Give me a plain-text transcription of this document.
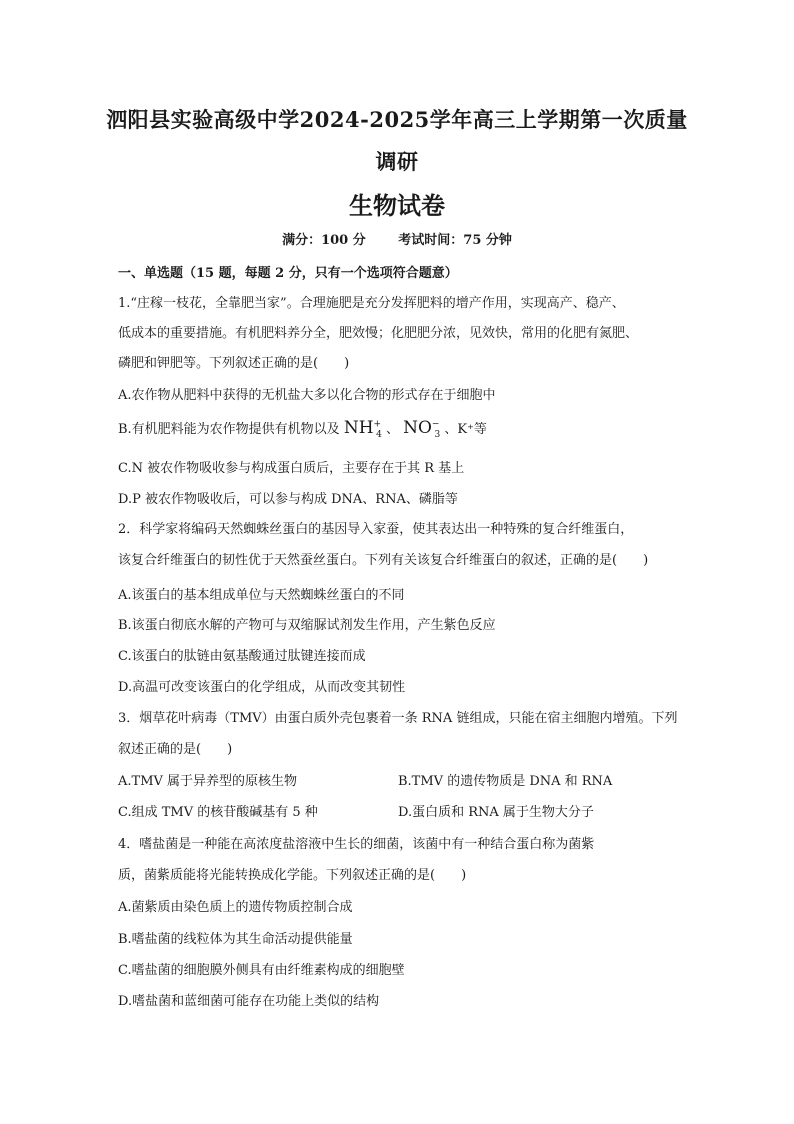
泗阳县实验高级中学2024-2025学年高三上学期第一次质量
调研
生物试卷
满分：100 分	考试时间：75 分钟
一、单选题（15 题，每题 2 分，只有一个选项符合题意）
1.“庄稼一枝花，全靠肥当家”。合理施肥是充分发挥肥料的增产作用，实现高产、稳产、
低成本的重要措施。有机肥料养分全，肥效慢；化肥肥分浓，见效快，常用的化肥有氮肥、
磷肥和钾肥等。下列叙述正确的是(　　)
A.农作物从肥料中获得的无机盐大多以化合物的形式存在于细胞中
B.有机肥料能为农作物提供有机物以及 $NH^+_4$ 、 $NO^-_3$ 、K⁺等
C.N 被农作物吸收参与构成蛋白质后，主要存在于其 R 基上
D.P 被农作物吸收后，可以参与构成 DNA、RNA、磷脂等
2．科学家将编码天然蜘蛛丝蛋白的基因导入家蚕，使其表达出一种特殊的复合纤维蛋白，
该复合纤维蛋白的韧性优于天然蚕丝蛋白。下列有关该复合纤维蛋白的叙述，正确的是(　　)
A.该蛋白的基本组成单位与天然蜘蛛丝蛋白的不同
B.该蛋白彻底水解的产物可与双缩脲试剂发生作用，产生紫色反应
C.该蛋白的肽链由氨基酸通过肽键连接而成
D.高温可改变该蛋白的化学组成，从而改变其韧性
3．烟草花叶病毒（TMV）由蛋白质外壳包裹着一条 RNA 链组成，只能在宿主细胞内增殖。下列
叙述正确的是(　　)
A.TMV 属于异养型的原核生物	B.TMV 的遗传物质是 DNA 和 RNA
C.组成 TMV 的核苷酸碱基有 5 种	D.蛋白质和 RNA 属于生物大分子
4．嗜盐菌是一种能在高浓度盐溶液中生长的细菌，该菌中有一种结合蛋白称为菌紫
质，菌紫质能将光能转换成化学能。下列叙述正确的是(　　)
A.菌紫质由染色质上的遗传物质控制合成
B.嗜盐菌的线粒体为其生命活动提供能量
C.嗜盐菌的细胞膜外侧具有由纤维素构成的细胞壁
D.嗜盐菌和蓝细菌可能存在功能上类似的结构
